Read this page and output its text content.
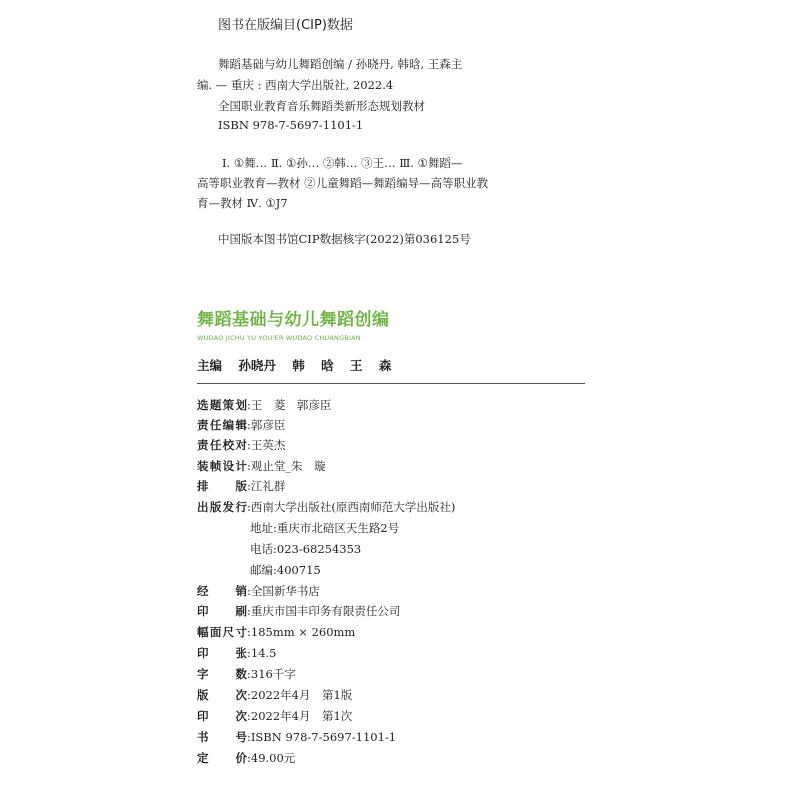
图书在版编目(CIP)数据
舞蹈基础与幼儿舞蹈创编 / 孙晓丹, 韩晗, 王森主
编. — 重庆 : 西南大学出版社, 2022.4
全国职业教育音乐舞蹈类新形态规划教材
ISBN 978-7-5697-1101-1
Ⅰ. ①舞… Ⅱ. ①孙… ②韩… ③王… Ⅲ. ①舞蹈—
高等职业教育—教材 ②儿童舞蹈—舞蹈编导—高等职业教
育—教材 Ⅳ. ①J7
中国版本图书馆CIP数据核字(2022)第036125号
舞蹈基础与幼儿舞蹈创编
WUDAO JICHU YU YOU'ER WUDAO CHUANGBIAN
主编 孙晓丹 韩 晗 王 森
选题策划:王　菱　郭彦臣
责任编辑:郭彦臣
责任校对:王英杰
装帧设计:观止堂_朱　璇
排　版:江礼群
出版发行:西南大学出版社(原西南师范大学出版社)
地址:重庆市北碚区天生路2号
电话:023-68254353
邮编:400715
经　销:全国新华书店
印　刷:重庆市国丰印务有限责任公司
幅面尺寸:185mm × 260mm
印　张:14.5
字　数:316千字
版　次:2022年4月　第1版
印　次:2022年4月　第1次
书　号:ISBN 978-7-5697-1101-1
定　价:49.00元
